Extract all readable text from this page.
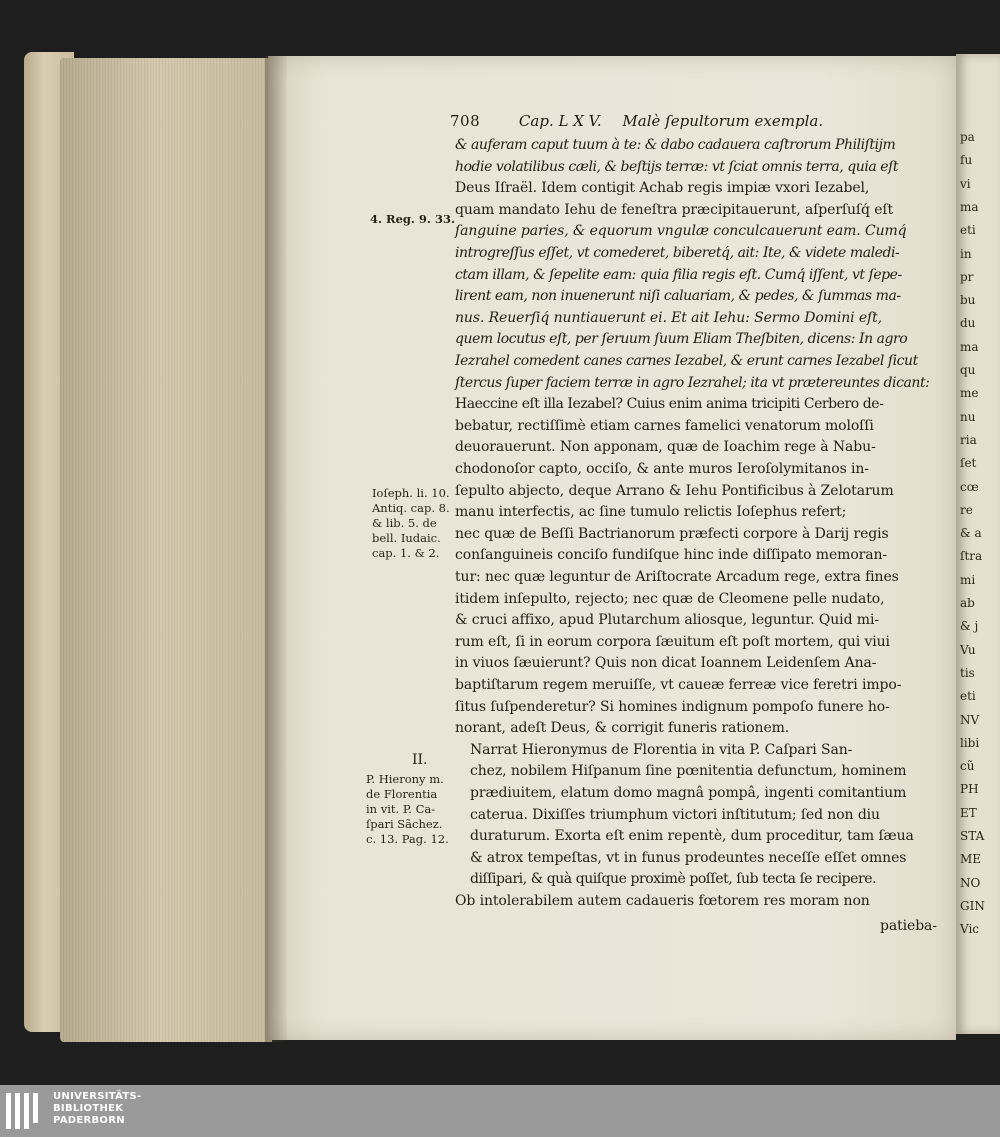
pa
fu
vi
ma
eti
in
pr
bu
du
ma
qu
me
nu
ria
ſet
cœ
re
& a
ſtra
mi
ab
& j
Vu
tis
eti
NV
libi
cũ
PH
ET
STA
ME
NO
GIN
Vic
708	Cap. L X V. Malè ſepultorum exempla.
& auferam caput tuum à te: & dabo cadauera caſtrorum Philiſtijm
hodie volatilibus cæli, & beſtijs terræ: vt ſciat omnis terra, quia eſt
Deus Iſraël. Idem contigit Achab regis impiæ vxori Iezabel,
quam mandato Iehu de feneſtra præcipitauerunt, aſperſuſq́ eſt
ſanguine paries, & equorum vngulæ conculcauerunt eam. Cumq́
introgreſſus eſſet, vt comederet, biberetq́, ait: Ite, & videte maledi-
ctam illam, & ſepelite eam: quia filia regis eſt. Cumq́ iſſent, vt ſepe-
lirent eam, non inuenerunt niſi caluariam, & pedes, & ſummas ma-
nus. Reuerſiq́ nuntiauerunt ei. Et ait Iehu: Sermo Domini eſt,
quem locutus eſt, per ſeruum ſuum Eliam Theſbiten, dicens: In agro
Iezrahel comedent canes carnes Iezabel, & erunt carnes Iezabel ſicut
ſtercus ſuper faciem terræ in agro Iezrahel; ita vt prætereuntes dicant:
Haeccine eſt illa Iezabel? Cuius enim anima tricipiti Cerbero de-
bebatur, rectiſſimè etiam carnes famelici venatorum moloſſi
deuorauerunt. Non apponam, quæ de Ioachim rege à Nabu-
chodonoſor capto, occiſo, & ante muros Ieroſolymitanos in-
ſepulto abjecto, deque Arrano & Iehu Pontificibus à Zelotarum
manu interfectis, ac ſine tumulo relictis Ioſephus refert;
nec quæ de Beſſi Bactrianorum præfecti corpore à Darij regis
conſanguineis conciſo fundiſque hinc inde diſſipato memoran-
tur: nec quæ leguntur de Ariſtocrate Arcadum rege, extra fines
itidem inſepulto, rejecto; nec quæ de Cleomene pelle nudato,
& cruci affixo, apud Plutarchum aliosque, leguntur. Quid mi-
rum eſt, ſi in eorum corpora ſæuitum eſt poſt mortem, qui viui
in viuos ſæuierunt? Quis non dicat Ioannem Leidenſem Ana-
baptiſtarum regem meruiſſe, vt caueæ ferreæ vice feretri impo-
ſitus ſuſpenderetur? Si homines indignum pompoſo funere ho-
norant, adeſt Deus, & corrigit funeris rationem.
Narrat Hieronymus de Florentia in vita P. Caſpari San-
chez, nobilem Hiſpanum ſine pœnitentia defunctum, hominem
prædiuitem, elatum domo magnâ pompâ, ingenti comitantium
caterua. Dixiſſes triumphum victori inſtitutum; ſed non diu
duraturum. Exorta eſt enim repentè, dum proceditur, tam ſæua
& atrox tempeſtas, vt in funus prodeuntes neceſſe eſſet omnes
diſſipari, & quà quiſque proximè poſſet, ſub tecta ſe recipere.
Ob intolerabilem autem cadaueris fœtorem res moram non
patieba-
4. Reg. 9. 33.
Ioſeph. li. 10.
Antiq. cap. 8.
& lib. 5. de
bell. Iudaic.
cap. 1. & 2.
II.
P. Hierony m.
de Florentia
in vit. P. Ca-
ſpari Sãchez.
c. 13. Pag. 12.
UNIVERSITÄTS-
BIBLIOTHEK
PADERBORN
